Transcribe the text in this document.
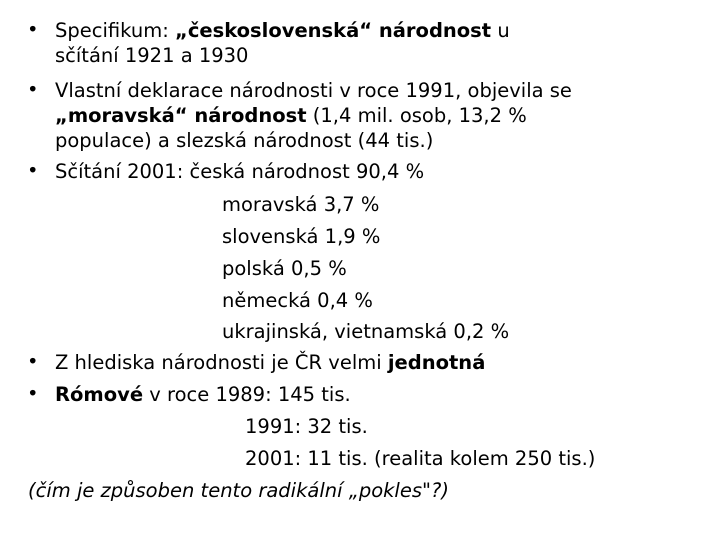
• Specifikum: „československá“ národnost u
sčítání 1921 a 1930
• Vlastní deklarace národnosti v roce 1991, objevila se
„moravská“ národnost (1,4 mil. osob, 13,2 %
populace) a slezská národnost (44 tis.)
• Sčítání 2001: česká národnost 90,4 %
moravská 3,7 %
slovenská 1,9 %
polská 0,5 %
německá 0,4 %
ukrajinská, vietnamská 0,2 %
• Z hlediska národnosti je ČR velmi jednotná
• Rómové v roce 1989: 145 tis.
1991: 32 tis.
2001: 11 tis. (realita kolem 250 tis.)
(čím je způsoben tento radikální „pokles"?)
